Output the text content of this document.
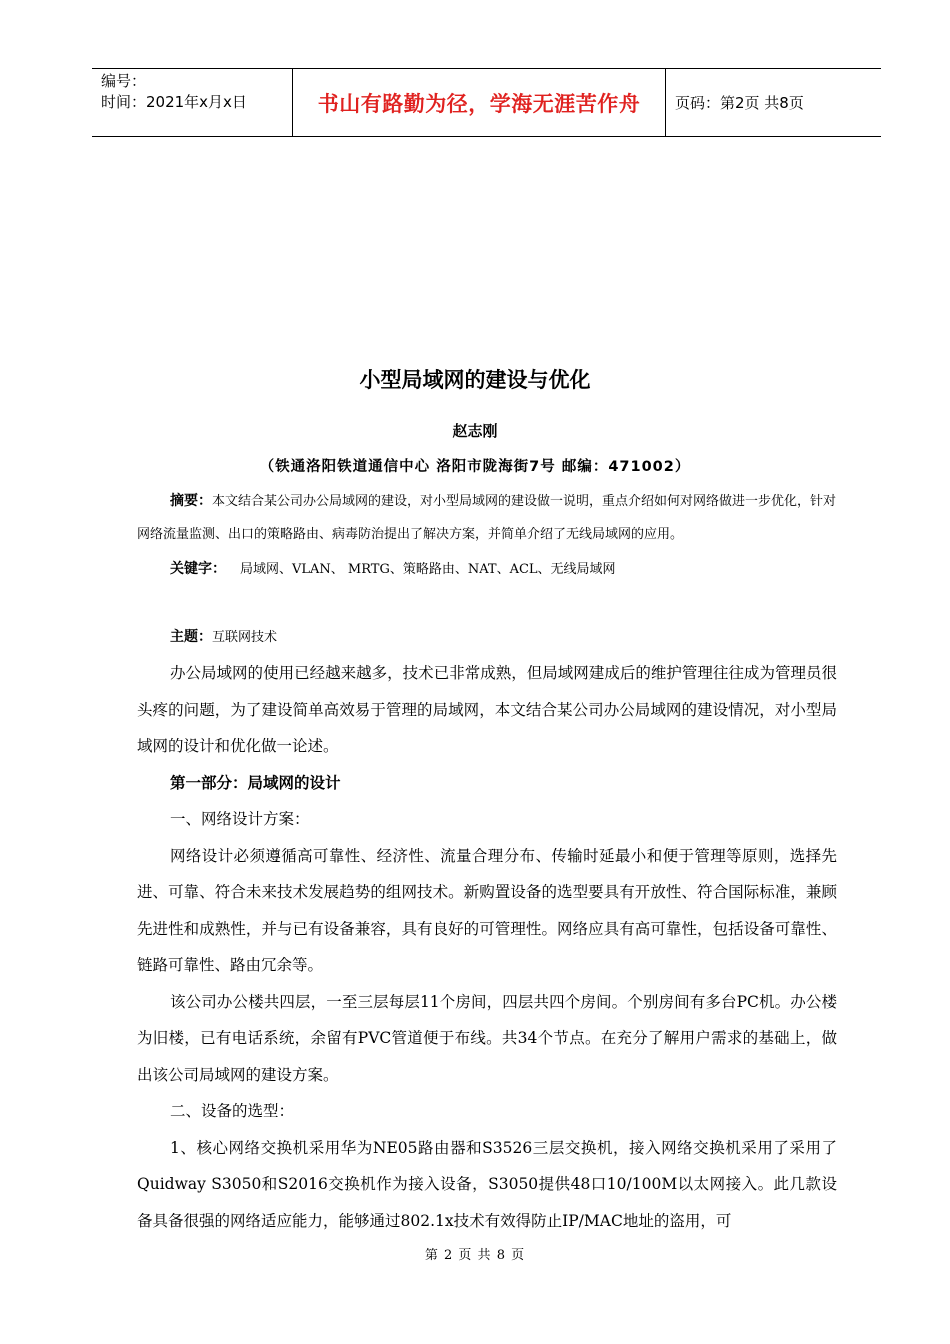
编号：
时间：2021年x月x日	书山有路勤为径，学海无涯苦作舟 页码：第2页 共8页
小型局域网的建设与优化
赵志刚
（铁通洛阳铁道通信中心 洛阳市陇海街7号 邮编：471002）
摘要：本文结合某公司办公局域网的建设，对小型局域网的建设做一说明，重点介绍如何对网络做进一步优化，针对网络流量监测、出口的策略路由、病毒防治提出了解决方案，并简单介绍了无线局域网的应用。
关键字： 局域网、VLAN、 MRTG、策略路由、NAT、ACL、无线局域网
主题：互联网技术

办公局域网的使用已经越来越多，技术已非常成熟，但局域网建成后的维护管理往往成为管理员很头疼的问题，为了建设简单高效易于管理的局域网，本文结合某公司办公局域网的建设情况，对小型局域网的设计和优化做一论述。

第一部分：局域网的设计

一、网络设计方案：

网络设计必须遵循高可靠性、经济性、流量合理分布、传输时延最小和便于管理等原则，选择先进、可靠、符合未来技术发展趋势的组网技术。新购置设备的选型要具有开放性、符合国际标准，兼顾先进性和成熟性，并与已有设备兼容，具有良好的可管理性。网络应具有高可靠性，包括设备可靠性、链路可靠性、路由冗余等。

该公司办公楼共四层，一至三层每层11个房间，四层共四个房间。个别房间有多台PC机。办公楼为旧楼，已有电话系统，余留有PVC管道便于布线。共34个节点。在充分了解用户需求的基础上，做出该公司局域网的建设方案。

二、设备的选型：

1、核心网络交换机采用华为NE05路由器和S3526三层交换机，接入网络交换机采用了采用了Quidway S3050和S2016交换机作为接入设备，S3050提供48口10/100M以太网接入。此几款设备具备很强的网络适应能力，能够通过802.1x技术有效得防止IP/MAC地址的盗用，可

第 2 页 共 8 页
